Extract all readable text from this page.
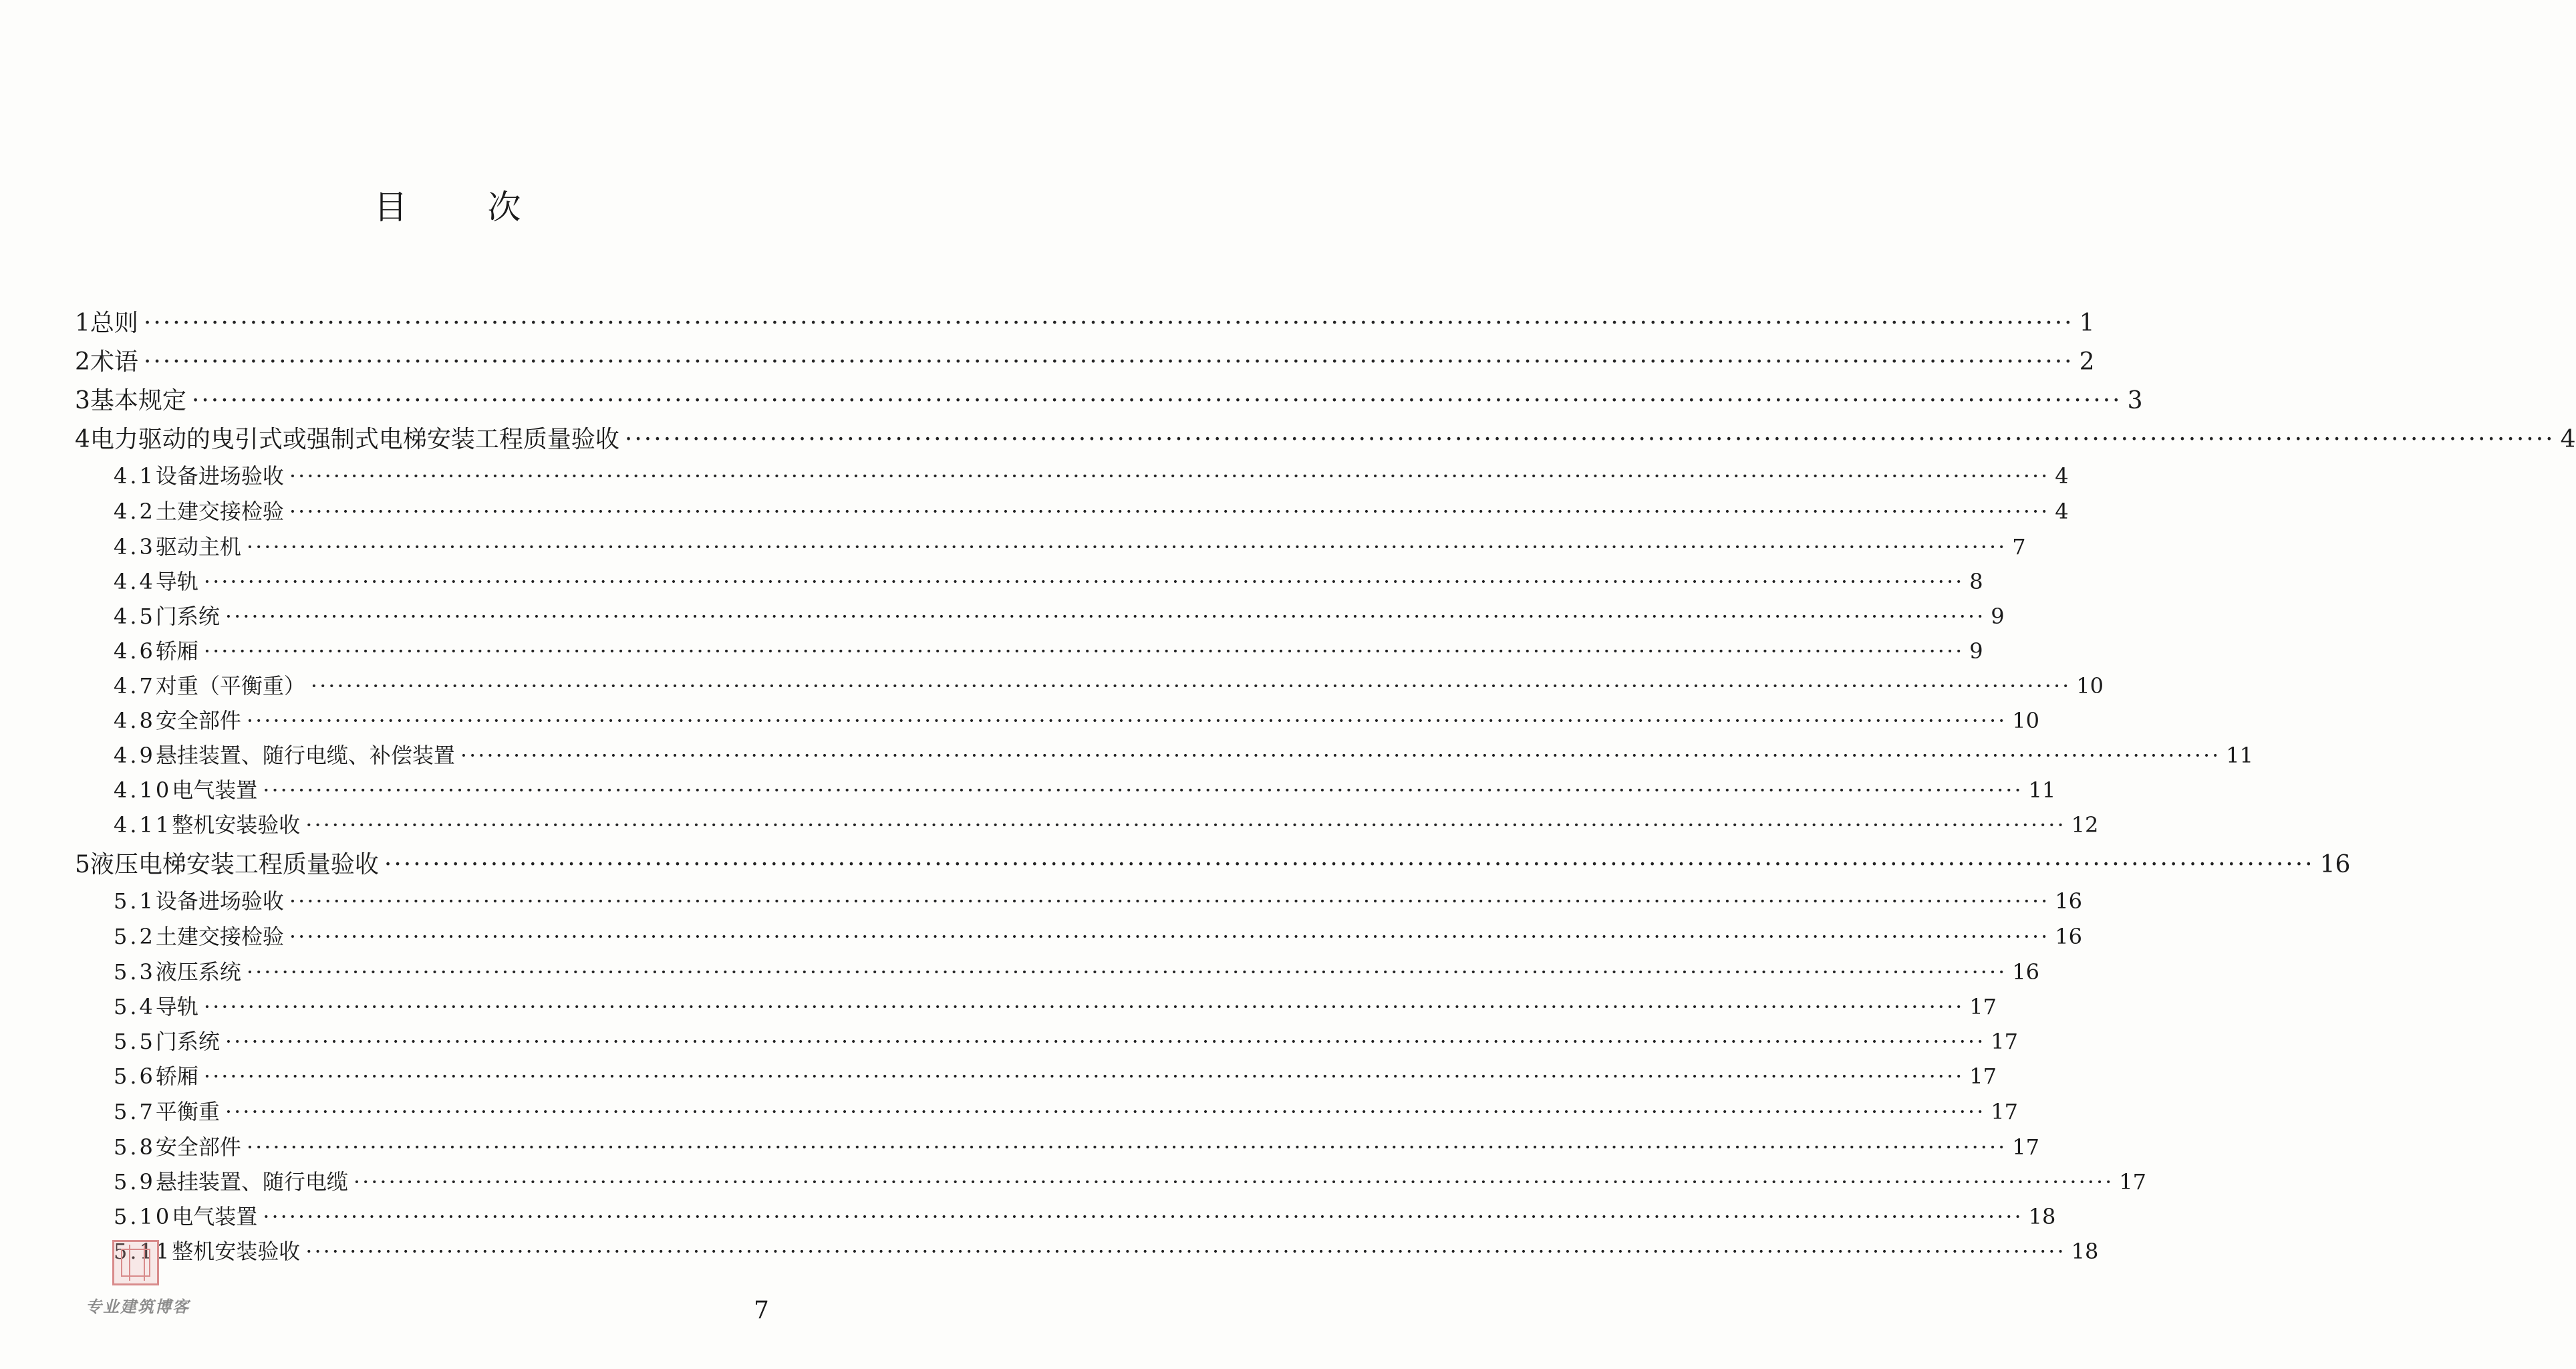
目次
1 总则 ········································································································································································································ 1
2 术语 ········································································································································································································ 2
3 基本规定 ········································································································································································································ 3
4 电力驱动的曳引式或强制式电梯安装工程质量验收 ········································································································································································································ 4
4.1 设备进场验收 ········································································································································································································ 4
4.2 土建交接检验 ········································································································································································································ 4
4.3 驱动主机 ········································································································································································································ 7
4.4 导轨 ········································································································································································································ 8
4.5 门系统 ········································································································································································································ 9
4.6 轿厢 ········································································································································································································ 9
4.7 对重（平衡重） ········································································································································································································ 10
4.8 安全部件 ········································································································································································································ 10
4.9 悬挂装置、随行电缆、补偿装置 ········································································································································································································ 11
4.10 电气装置 ········································································································································································································ 11
4.11 整机安装验收 ········································································································································································································ 12
5 液压电梯安装工程质量验收 ········································································································································································································ 16
5.1 设备进场验收 ········································································································································································································ 16
5.2 土建交接检验 ········································································································································································································ 16
5.3 液压系统 ········································································································································································································ 16
5.4 导轨 ········································································································································································································ 17
5.5 门系统 ········································································································································································································ 17
5.6 轿厢 ········································································································································································································ 17
5.7 平衡重 ········································································································································································································ 17
5.8 安全部件 ········································································································································································································ 17
5.9 悬挂装置、随行电缆 ········································································································································································································ 17
5.10 电气装置 ········································································································································································································ 18
5.11 整机安装验收 ········································································································································································································ 18
专业建筑博客	7
